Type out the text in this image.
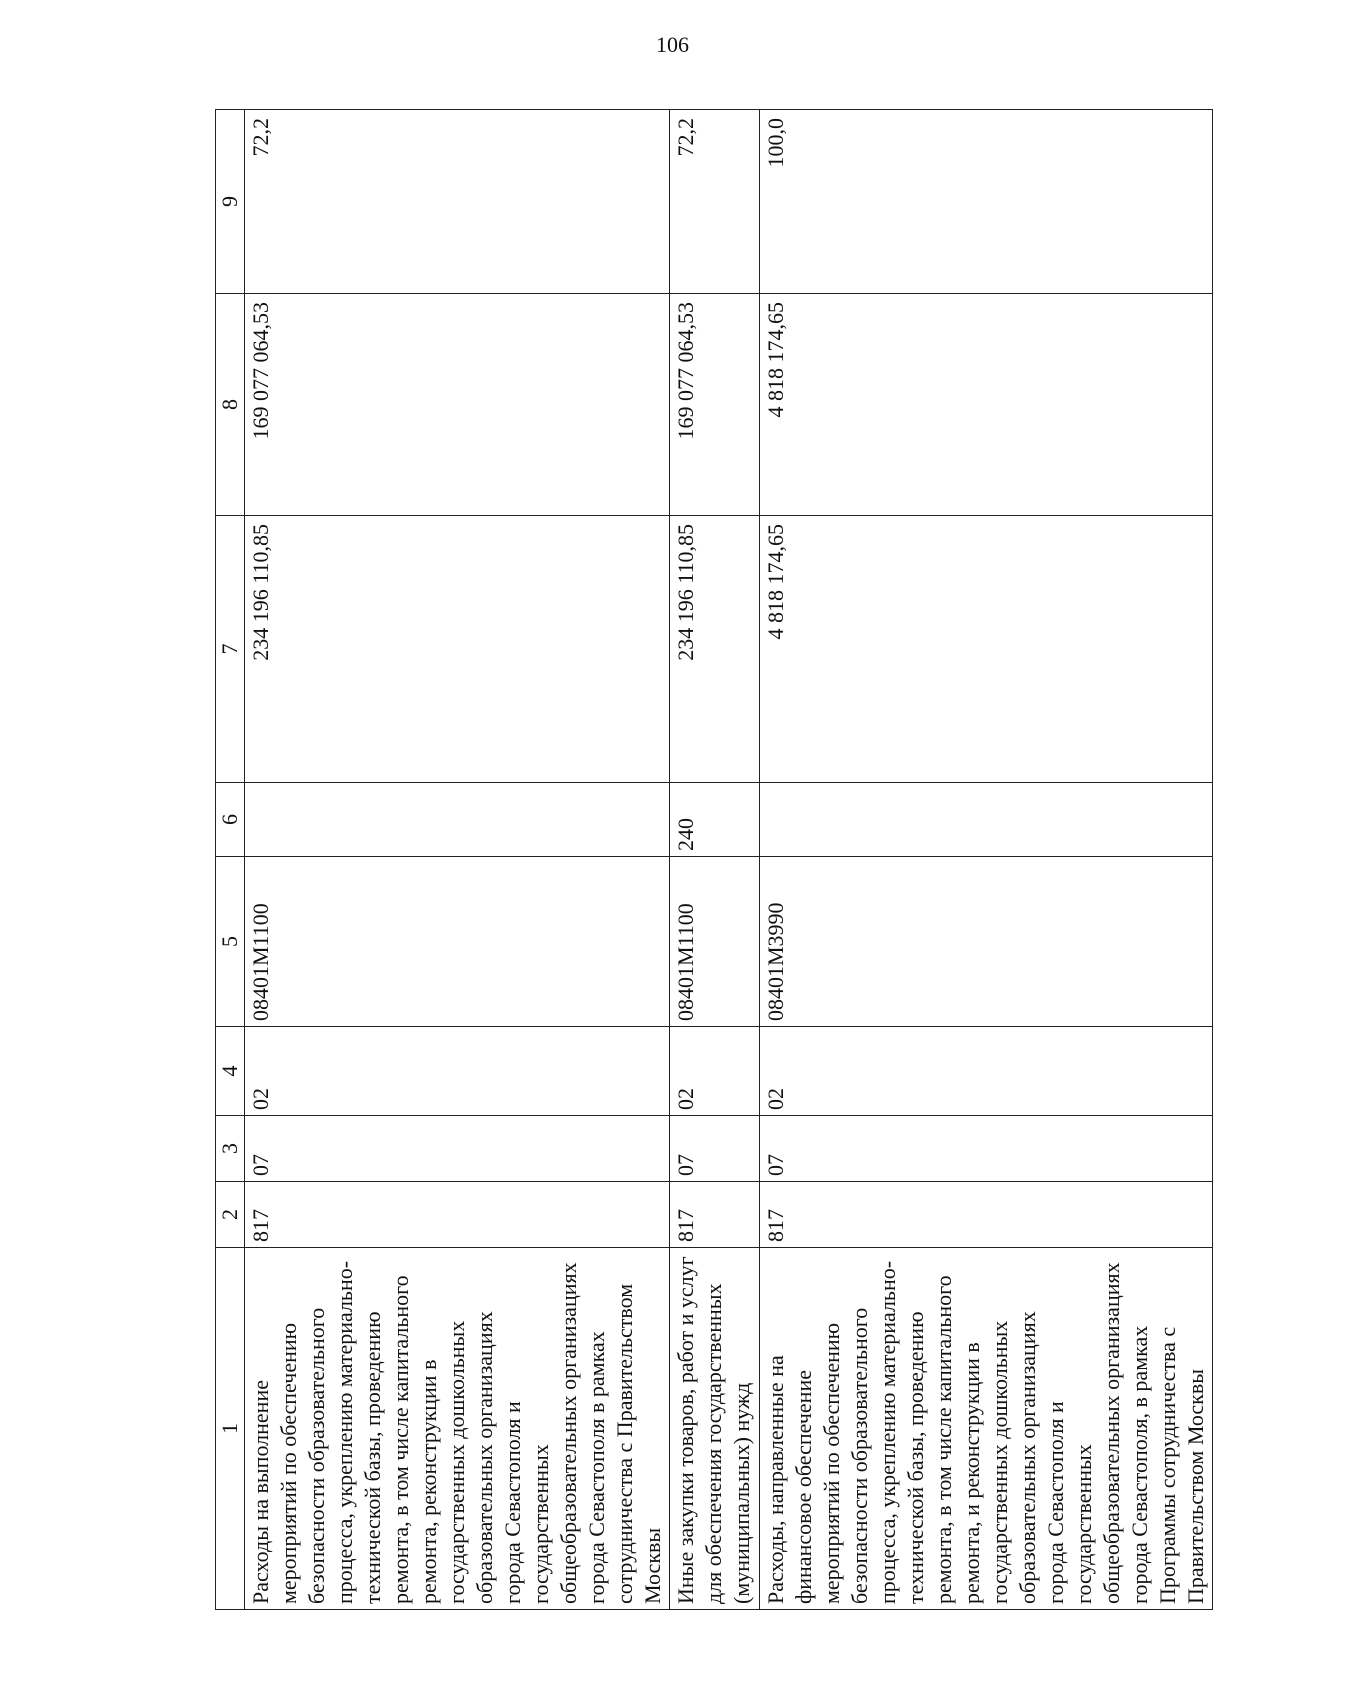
106
1	2	3	4	5	6	7	8	9
Расходы на выполнение мероприятий по обеспечению безопасности образовательного процесса, укреплению материально-технической базы, проведению ремонта, в том числе капитального ремонта, реконструкции в государственных дошкольных образовательных организациях города Севастополя и государственных общеобразовательных организациях города Севастополя в рамках сотрудничества с Правительством Москвы	817	07	02	08401M1100		234 196 110,85	169 077 064,53	72,2
Иные закупки товаров, работ и услуг для обеспечения государственных (муниципальных) нужд	817	07	02	08401M1100	240	234 196 110,85	169 077 064,53	72,2
Расходы, направленные на финансовое обеспечение мероприятий по обеспечению безопасности образовательного процесса, укреплению материально-технической базы, проведению ремонта, в том числе капитального ремонта, и реконструкции в государственных дошкольных образовательных организациях города Севастополя и государственных общеобразовательных организациях города Севастополя, в рамках Программы сотрудничества с Правительством Москвы	817	07	02	08401M3990		4 818 174,65	4 818 174,65	100,0
